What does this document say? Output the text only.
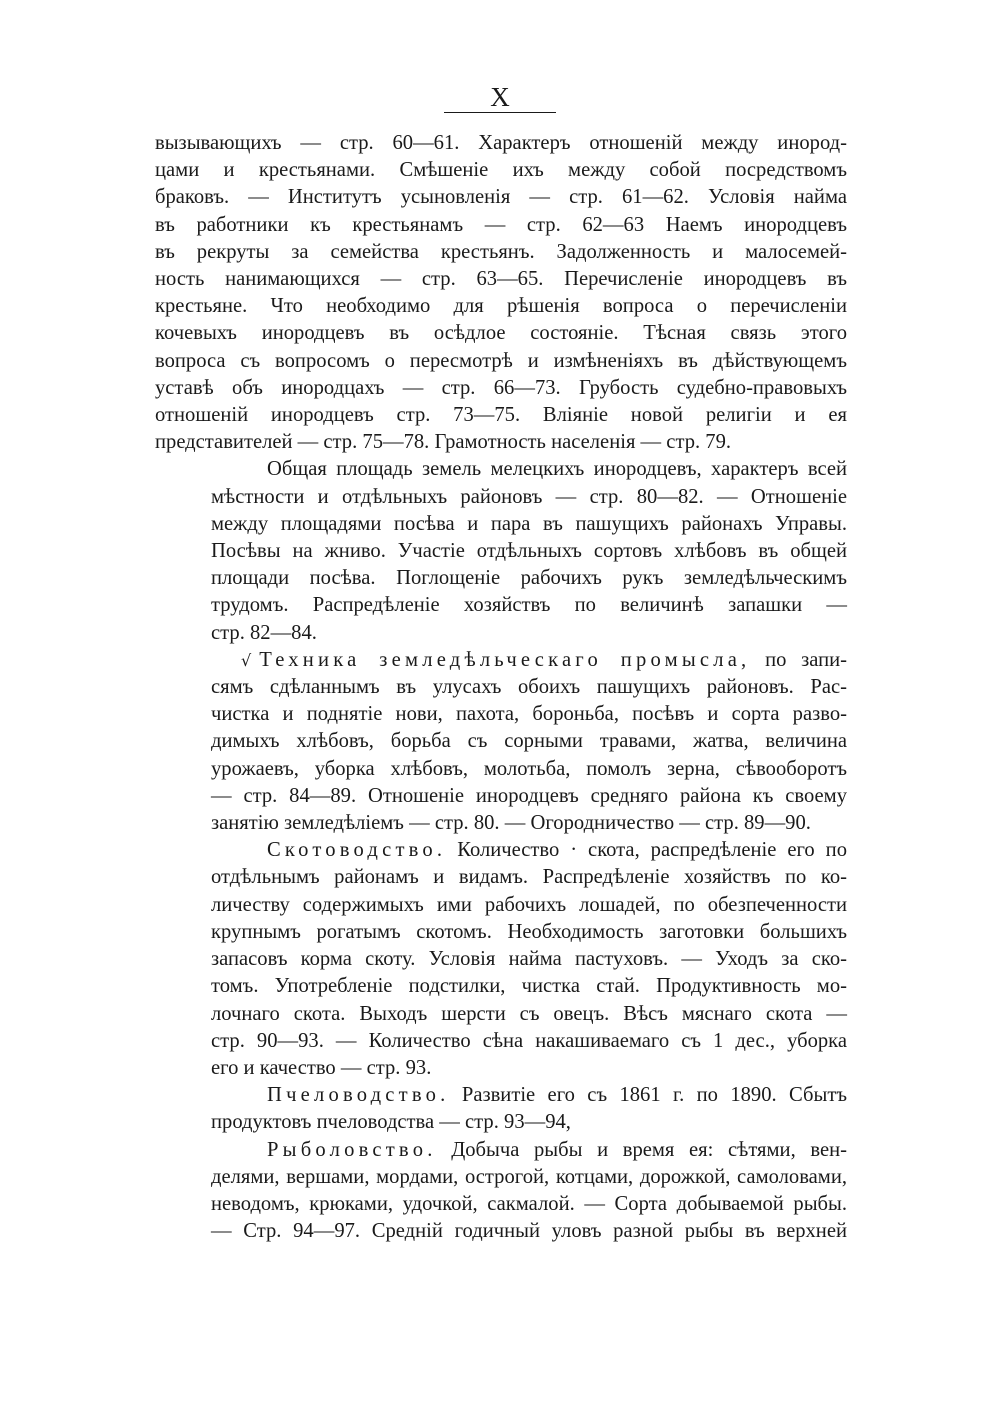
X
вызывающихъ — стр. 60—61. Характеръ отношеній между инород-
цами и крестьянами. Смѣшеніе ихъ между собой посредствомъ
браковъ. — Институтъ усыновленія — стр. 61—62. Условія найма
въ работники къ крестьянамъ — стр. 62—63 Наемъ инородцевъ
въ рекруты за семейства крестьянъ. Задолженность и малосемей-
ность нанимающихся — стр. 63—65. Перечисленіе инородцевъ въ
крестьяне. Что необходимо для рѣшенія вопроса о перечисленіи
кочевыхъ инородцевъ въ осѣдлое состояніе. Тѣсная связь этого
вопроса съ вопросомъ о пересмотрѣ и измѣненіяхъ въ дѣйствующемъ
уставѣ объ инородцахъ — стр. 66—73. Грубость судебно-правовыхъ
отношеній инородцевъ стр. 73—75. Вліяніе новой религіи и ея
представителей — стр. 75—78. Грамотность населенія — стр. 79.
Общая площадь земель мелецкихъ инородцевъ, характеръ всей
мѣстности и отдѣльныхъ районовъ — стр. 80—82. — Отношеніе
между площадями посѣва и пара въ пашущихъ районахъ Управы.
Посѣвы на жниво. Участіе отдѣльныхъ сортовъ хлѣбовъ въ общей
площади посѣва. Поглощеніе рабочихъ рукъ земледѣльческимъ
трудомъ. Распредѣленіе хозяйствъ по величинѣ запашки —
стр. 82—84.
√ Техника земледѣльческаго промысла, по запи-
сямъ сдѣланнымъ въ улусахъ обоихъ пашущихъ районовъ. Рас-
чистка и поднятіе нови, пахота, бороньба, посѣвъ и сорта разво-
димыхъ хлѣбовъ, борьба съ сорными травами, жатва, величина
урожаевъ, уборка хлѣбовъ, молотьба, помолъ зерна, сѣвооборотъ
— стр. 84—89. Отношеніе инородцевъ средняго района къ своему
занятію земледѣліемъ — стр. 80. — Огородничество — стр. 89—90.
Скотоводство. Количество · скота, распредѣленіе его по
отдѣльнымъ районамъ и видамъ. Распредѣленіе хозяйствъ по ко-
личеству содержимыхъ ими рабочихъ лошадей, по обезпеченности
крупнымъ рогатымъ скотомъ. Необходимость заготовки большихъ
запасовъ корма скоту. Условія найма пастуховъ. — Уходъ за ско-
томъ. Употребленіе подстилки, чистка стай. Продуктивность мо-
лочнаго скота. Выходъ шерсти съ овецъ. Вѣсъ мяснаго скота —
стр. 90—93. — Количество сѣна накашиваемаго съ 1 дес., уборка
его и качество — стр. 93.
Пчеловодство. Развитіе его съ 1861 г. по 1890. Сбытъ
продуктовъ пчеловодства — стр. 93—94,
Рыболовство. Добыча рыбы и время ея: сѣтями, вен-
делями, вершами, мордами, острогой, котцами, дорожкой, самоловами,
неводомъ, крюками, удочкой, сакмалой. — Сорта добываемой рыбы.
— Стр. 94—97. Средній годичный уловъ разной рыбы въ верхней
